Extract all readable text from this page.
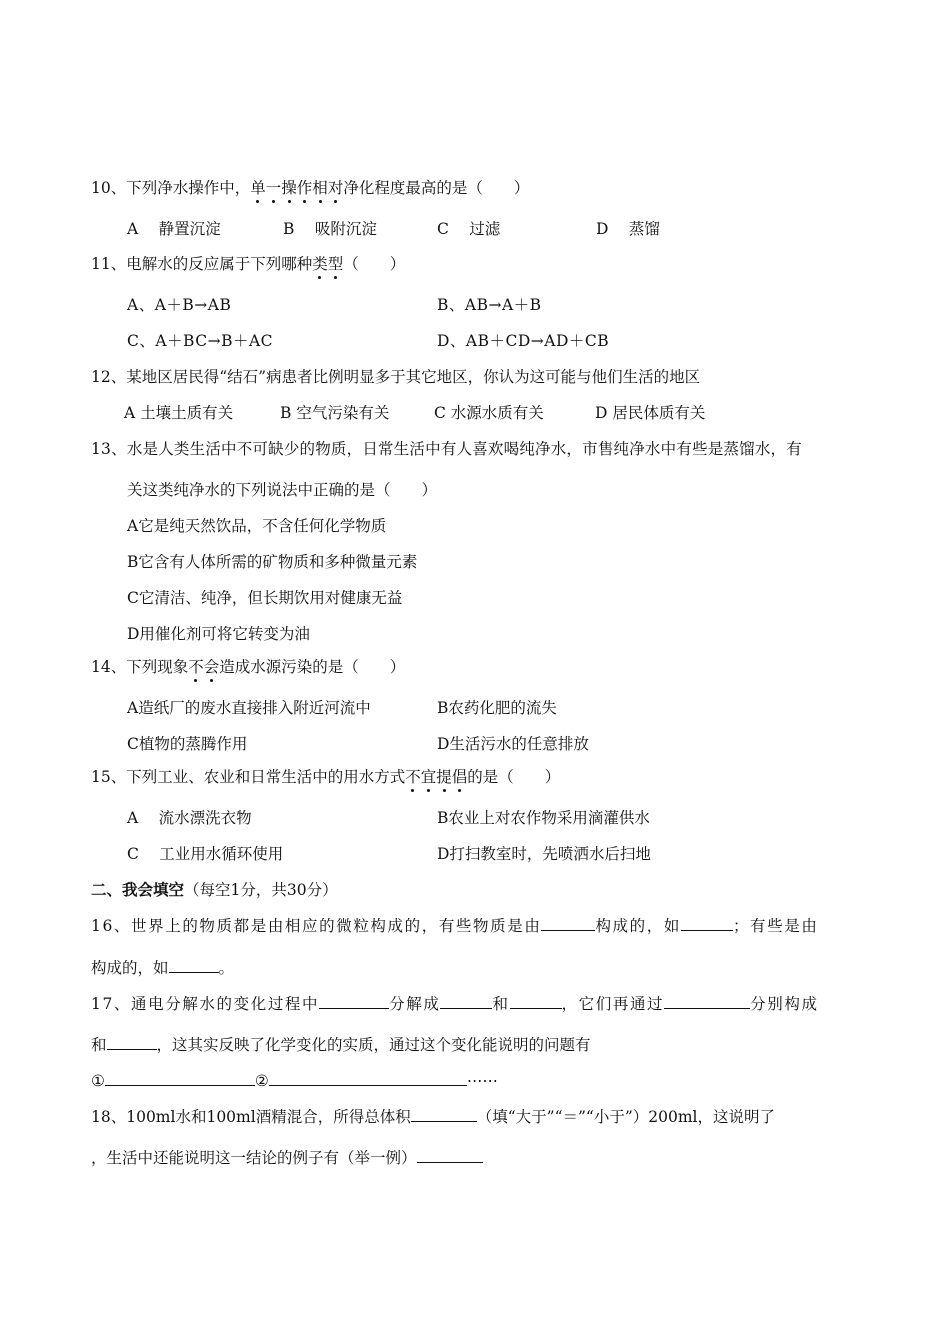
10、下列净水操作中，单一操作相对净化程度最高的是（　　）
A　 静置沉淀	B　 吸附沉淀	C　 过滤	D　 蒸馏
11、电解水的反应属于下列哪种类型（　　）
A、A＋B→AB	B、AB→A＋B
C、A＋BC→B＋AC	D、AB＋CD→AD＋CB
12、某地区居民得“结石”病患者比例明显多于其它地区，你认为这可能与他们生活的地区
A 土壤土质有关	B 空气污染有关	C 水源水质有关	D 居民体质有关
13、水是人类生活中不可缺少的物质，日常生活中有人喜欢喝纯净水，市售纯净水中有些是蒸馏水，有
关这类纯净水的下列说法中正确的是（　　）
A它是纯天然饮品，不含任何化学物质
B它含有人体所需的矿物质和多种微量元素
C它清洁、纯净，但长期饮用对健康无益
D用催化剂可将它转变为油
14、下列现象不会造成水源污染的是（　　）
A造纸厂的废水直接排入附近河流中	B农药化肥的流失
C植物的蒸腾作用	D生活污水的任意排放
15、下列工业、农业和日常生活中的用水方式不宜提倡的是（　　）
A　 流水漂洗衣物	B农业上对农作物采用滴灌供水
C　 工业用水循环使用	D打扫教室时，先喷洒水后扫地
二、我会填空（每空1分，共30分）
16、世界上的物质都是由相应的微粒构成的，有些物质是由	构成的，如	；有些是由
构成的，如	。
17、通电分解水的变化过程中	分解成	和	，它们再通过	分别构成
和	，这其实反映了化学变化的实质，通过这个变化能说明的问题有
①	②	⋯⋯
18、100ml水和100ml酒精混合，所得总体积	（填“大于”“＝”“小于”）200ml，这说明了
，生活中还能说明这一结论的例子有（举一例）
